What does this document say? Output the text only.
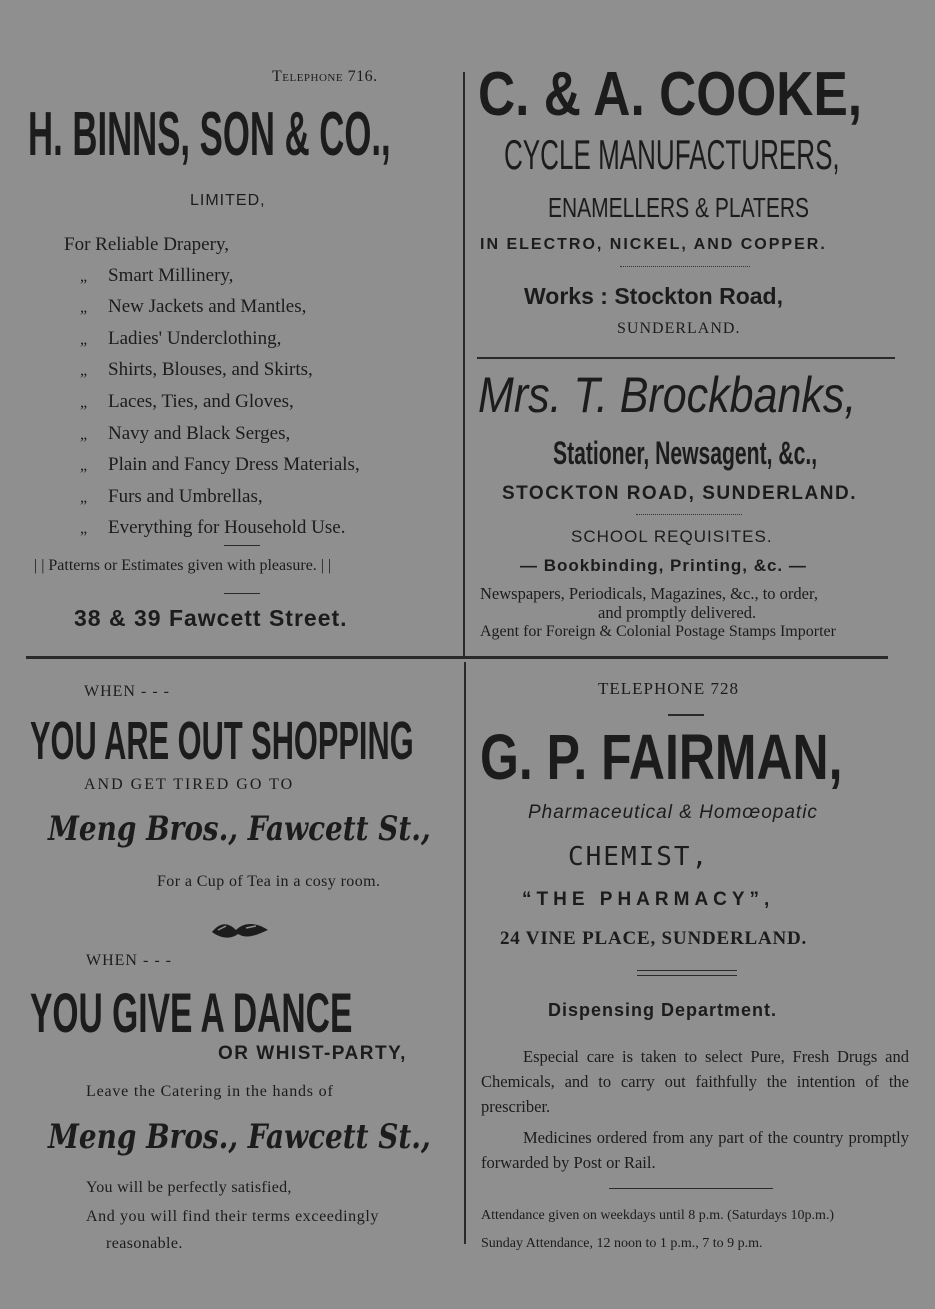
Telephone 716.
H. BINNS, SON & CO.,
LIMITED,
For Reliable Drapery,
„ Smart Millinery,
„ New Jackets and Mantles,
„ Ladies' Underclothing,
„ Shirts, Blouses, and Skirts,
„ Laces, Ties, and Gloves,
„ Navy and Black Serges,
„ Plain and Fancy Dress Materials,
„ Furs and Umbrellas,
„ Everything for Household Use.
| | Patterns or Estimates given with pleasure. | |
38 & 39 Fawcett Street.
C. & A. COOKE,
CYCLE MANUFACTURERS,
ENAMELLERS & PLATERS
IN ELECTRO, NICKEL, AND COPPER.
Works : Stockton Road,
SUNDERLAND.
Mrs. T. Brockbanks,
Stationer, Newsagent, &c.,
STOCKTON ROAD, SUNDERLAND.
SCHOOL REQUISITES.
— Bookbinding, Printing, &c. —
Newspapers, Periodicals, Magazines, &c., to order,
and promptly delivered.
Agent for Foreign & Colonial Postage Stamps Importer
WHEN - - -
YOU ARE OUT SHOPPING
AND GET TIRED GO TO
Meng Bros., Fawcett St.,
For a Cup of Tea in a cosy room.
WHEN - - -
YOU GIVE A DANCE
OR WHIST-PARTY,
Leave the Catering in the hands of
Meng Bros., Fawcett St.,
You will be perfectly satisfied,
And you will find their terms exceedingly
reasonable.
TELEPHONE 728
G. P. FAIRMAN,
Pharmaceutical & Homœopatic
CHEMIST,
“THE PHARMACY”,
24 VINE PLACE, SUNDERLAND.
Dispensing Department.
Especial care is taken to select Pure, Fresh Drugs and Chemicals, and to carry out faithfully the intention of the prescriber.
Medicines ordered from any part of the country promptly forwarded by Post or Rail.
Attendance given on weekdays until 8 p.m. (Saturdays 10p.m.)
Sunday Attendance, 12 noon to 1 p.m., 7 to 9 p.m.
